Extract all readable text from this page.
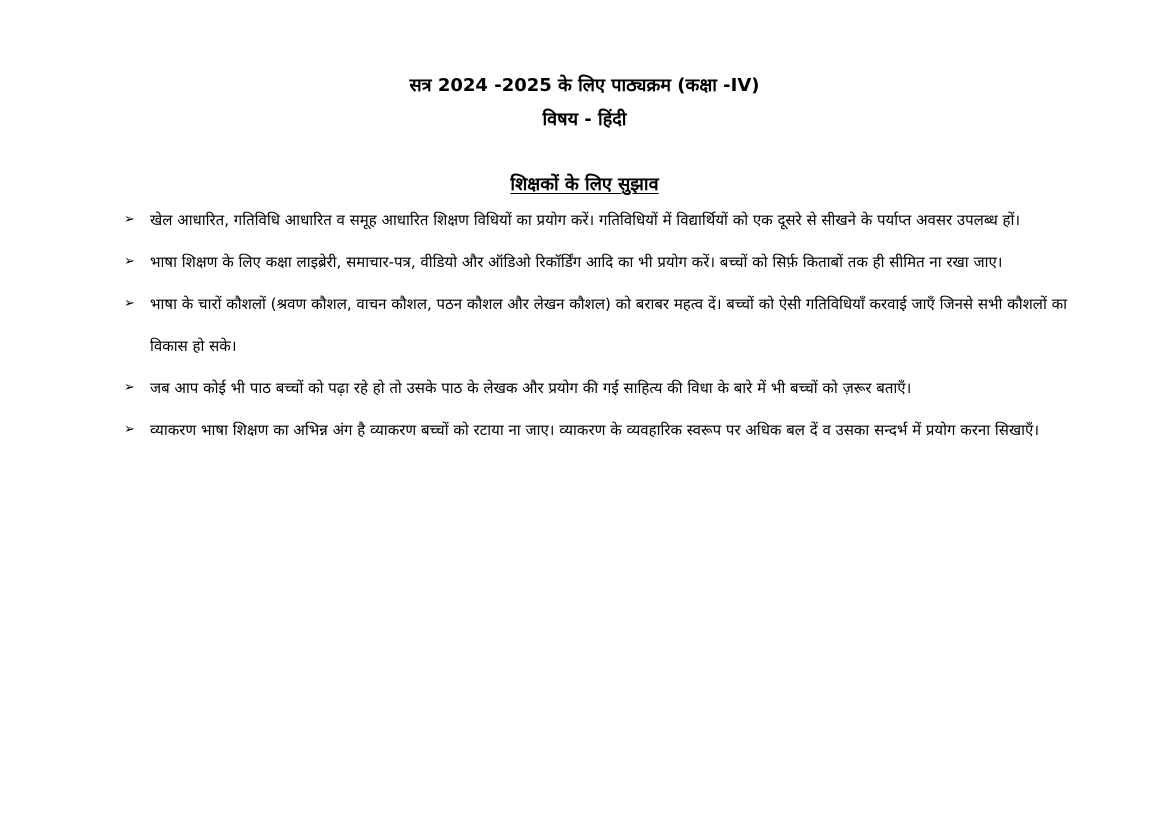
सत्र 2024 -2025 के लिए पाठ्यक्रम (कक्षा -IV)

विषय - हिंदी

शिक्षकों के लिए सुझाव

➢ खेल आधारित, गतिविधि आधारित व समूह आधारित शिक्षण विधियों का प्रयोग करें। गतिविधियों में विद्यार्थियों को एक दूसरे से सीखने के पर्याप्त अवसर उपलब्ध हों।
➢ भाषा शिक्षण के लिए कक्षा लाइब्रेरी, समाचार-पत्र, वीडियो और ऑडिओ रिकॉर्डिंग आदि का भी प्रयोग करें। बच्चों को सिर्फ़ किताबों तक ही सीमित ना रखा जाए।
➢ भाषा के चारों कौशलों (श्रवण कौशल, वाचन कौशल, पठन कौशल और लेखन कौशल) को बराबर महत्व दें। बच्चों को ऐसी गतिविधियाँ करवाई जाएँ जिनसे सभी कौशलों का विकास हो सके।
➢ जब आप कोई भी पाठ बच्चों को पढ़ा रहे हो तो उसके पाठ के लेखक और प्रयोग की गई साहित्य की विधा के बारे में भी बच्चों को ज़रूर बताएँ।
➢ व्याकरण भाषा शिक्षण का अभिन्न अंग है व्याकरण बच्चों को रटाया ना जाए। व्याकरण के व्यवहारिक स्वरूप पर अधिक बल दें व उसका सन्दर्भ में प्रयोग करना सिखाएँ।
